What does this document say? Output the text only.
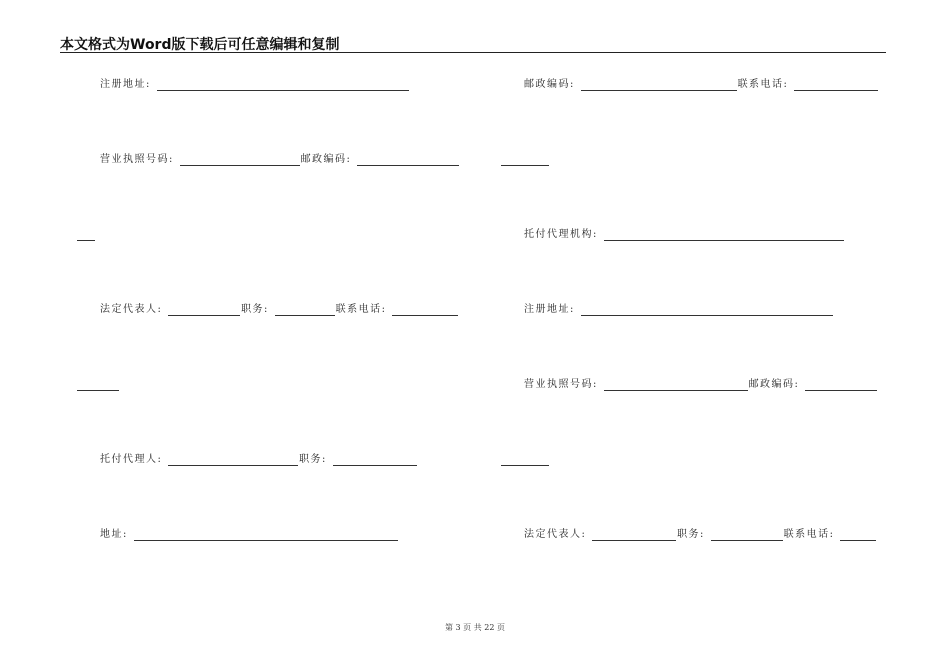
本文格式为Word版下载后可任意编辑和复制
注册地址:
营业执照号码:	邮政编码:
法定代表人:	职务:	联系电话:
托付代理人:	职务:
地址:
邮政编码:	联系电话:
托付代理机构:
注册地址:
营业执照号码:	邮政编码:
法定代表人:	职务:	联系电话:
第 3 页 共 22 页
